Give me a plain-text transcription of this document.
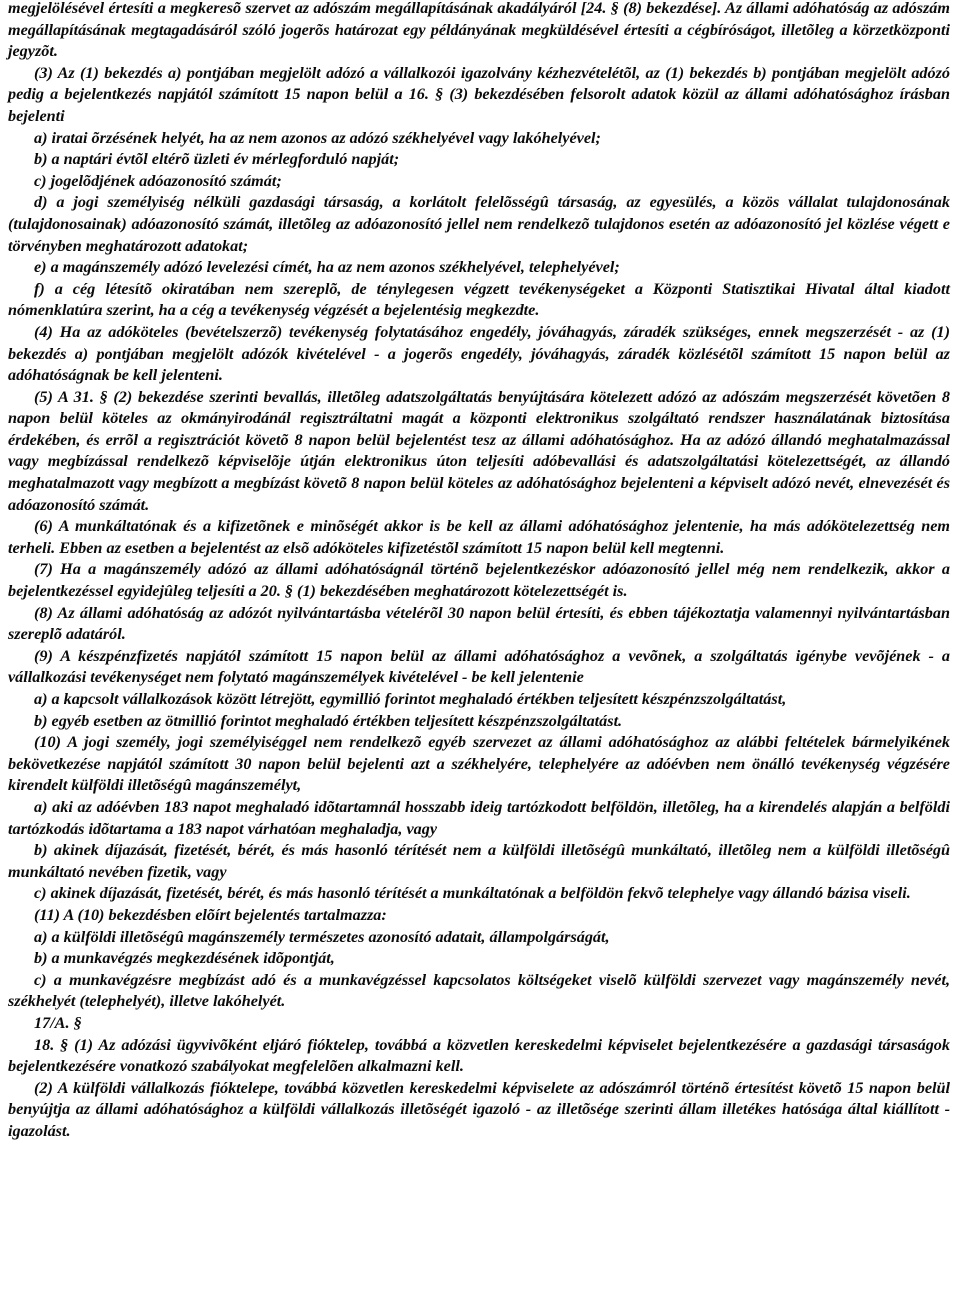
megjelölésével értesíti a megkeresõ szervet az adószám megállapításának akadályáról [24. § (8) bekezdése]. Az állami adóhatóság az adószám megállapításának megtagadásáról szóló jogerõs határozat egy példányának megküldésével értesíti a cégbíróságot, illetõleg a körzetközponti jegyzõt.

(3) Az (1) bekezdés a) pontjában megjelölt adózó a vállalkozói igazolvány kézhezvételétõl, az (1) bekezdés b) pontjában megjelölt adózó pedig a bejelentkezés napjától számított 15 napon belül a 16. § (3) bekezdésében felsorolt adatok közül az állami adóhatósághoz írásban bejelenti

a) iratai õrzésének helyét, ha az nem azonos az adózó székhelyével vagy lakóhelyével;

b) a naptári évtõl eltérõ üzleti év mérlegforduló napját;

c) jogelõdjének adóazonosító számát;

d) a jogi személyiség nélküli gazdasági társaság, a korlátolt felelõsségû társaság, az egyesülés, a közös vállalat tulajdonosának (tulajdonosainak) adóazonosító számát, illetõleg az adóazonosító jellel nem rendelkezõ tulajdonos esetén az adóazonosító jel közlése végett e törvényben meghatározott adatokat;

e) a magánszemély adózó levelezési címét, ha az nem azonos székhelyével, telephelyével;

f) a cég létesítõ okiratában nem szereplõ, de ténylegesen végzett tevékenységeket a Központi Statisztikai Hivatal által kiadott nómenklatúra szerint, ha a cég a tevékenység végzését a bejelentésig megkezdte.

(4) Ha az adóköteles (bevételszerzõ) tevékenység folytatásához engedély, jóváhagyás, záradék szükséges, ennek megszerzését - az (1) bekezdés a) pontjában megjelölt adózók kivételével - a jogerõs engedély, jóváhagyás, záradék közlésétõl számított 15 napon belül az adóhatóságnak be kell jelenteni.

(5) A 31. § (2) bekezdése szerinti bevallás, illetõleg adatszolgáltatás benyújtására kötelezett adózó az adószám megszerzését követõen 8 napon belül köteles az okmányirodánál regisztráltatni magát a központi elektronikus szolgáltató rendszer használatának biztosítása érdekében, és errõl a regisztrációt követõ 8 napon belül bejelentést tesz az állami adóhatósághoz. Ha az adózó állandó meghatalmazással vagy megbízással rendelkezõ képviselõje útján elektronikus úton teljesíti adóbevallási és adatszolgáltatási kötelezettségét, az állandó meghatalmazott vagy megbízott a megbízást követõ 8 napon belül köteles az adóhatósághoz bejelenteni a képviselt adózó nevét, elnevezését és adóazonosító számát.

(6) A munkáltatónak és a kifizetõnek e minõségét akkor is be kell az állami adóhatósághoz jelentenie, ha más adókötelezettség nem terheli. Ebben az esetben a bejelentést az elsõ adóköteles kifizetéstõl számított 15 napon belül kell megtenni.

(7) Ha a magánszemély adózó az állami adóhatóságnál történõ bejelentkezéskor adóazonosító jellel még nem rendelkezik, akkor a bejelentkezéssel egyidejûleg teljesíti a 20. § (1) bekezdésében meghatározott kötelezettségét is.

(8) Az állami adóhatóság az adózót nyilvántartásba vételérõl 30 napon belül értesíti, és ebben tájékoztatja valamennyi nyilvántartásban szereplõ adatáról.

(9) A készpénzfizetés napjától számított 15 napon belül az állami adóhatósághoz a vevõnek, a szolgáltatás igénybe vevõjének - a vállalkozási tevékenységet nem folytató magánszemélyek kivételével - be kell jelentenie

a) a kapcsolt vállalkozások között létrejött, egymillió forintot meghaladó értékben teljesített készpénzszolgáltatást,

b) egyéb esetben az ötmillió forintot meghaladó értékben teljesített készpénzszolgáltatást.

(10) A jogi személy, jogi személyiséggel nem rendelkezõ egyéb szervezet az állami adóhatósághoz az alábbi feltételek bármelyikének bekövetkezése napjától számított 30 napon belül bejelenti azt a székhelyére, telephelyére az adóévben nem önálló tevékenység végzésére kirendelt külföldi illetõségû magánszemélyt,

a) aki az adóévben 183 napot meghaladó idõtartamnál hosszabb ideig tartózkodott belföldön, illetõleg, ha a kirendelés alapján a belföldi tartózkodás idõtartama a 183 napot várhatóan meghaladja, vagy

b) akinek díjazását, fizetését, bérét, és más hasonló térítését nem a külföldi illetõségû munkáltató, illetõleg nem a külföldi illetõségû munkáltató nevében fizetik, vagy

c) akinek díjazását, fizetését, bérét, és más hasonló térítését a munkáltatónak a belföldön fekvõ telephelye vagy állandó bázisa viseli.

(11) A (10) bekezdésben elõírt bejelentés tartalmazza:

a) a külföldi illetõségû magánszemély természetes azonosító adatait, állampolgárságát,

b) a munkavégzés megkezdésének idõpontját,

c) a munkavégzésre megbízást adó és a munkavégzéssel kapcsolatos költségeket viselõ külföldi szervezet vagy magánszemély nevét, székhelyét (telephelyét), illetve lakóhelyét.

17/A. §

18. § (1) Az adózási ügyvivõként eljáró fióktelep, továbbá a közvetlen kereskedelmi képviselet bejelentkezésére a gazdasági társaságok bejelentkezésére vonatkozó szabályokat megfelelõen alkalmazni kell.

(2) A külföldi vállalkozás fióktelepe, továbbá közvetlen kereskedelmi képviselete az adószámról történõ értesítést követõ 15 napon belül benyújtja az állami adóhatósághoz a külföldi vállalkozás illetõségét igazoló - az illetõsége szerinti állam illetékes hatósága által kiállított - igazolást.
